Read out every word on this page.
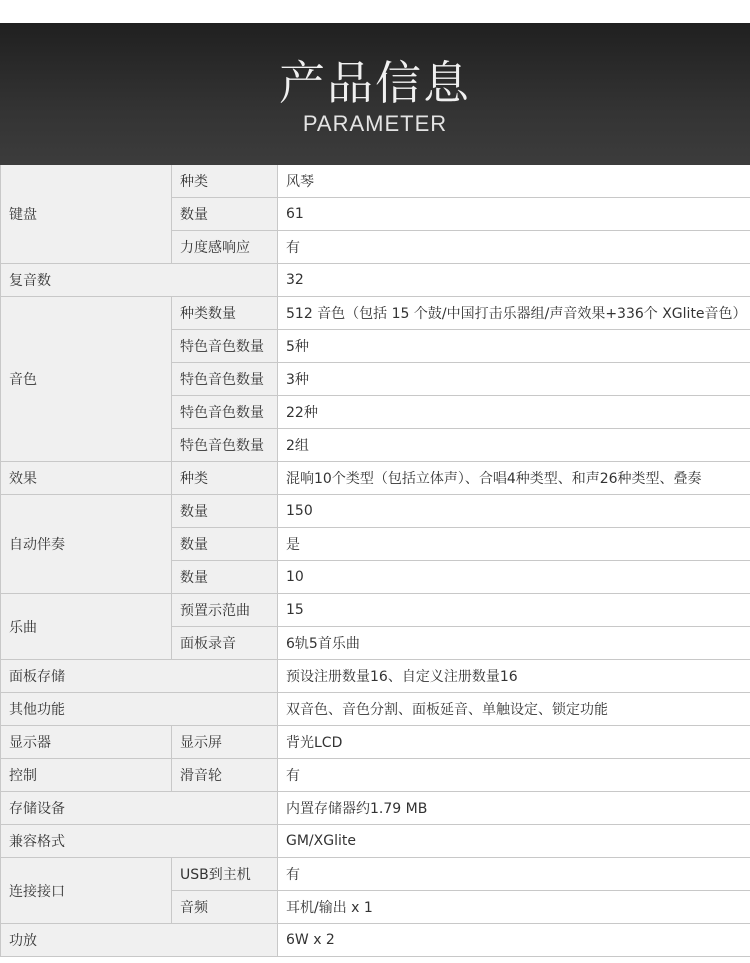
产品信息
PARAMETER
键盘	种类	风琴
	数量	61
	力度感响应	有
复音数		32
音色	种类数量	512 音色（包括 15 个鼓/中国打击乐器组/声音效果+336个 XGlite音色）
	特色音色数量	5种
	特色音色数量	3种
	特色音色数量	22种
	特色音色数量	2组
效果	种类	混响10个类型（包括立体声）、合唱4种类型、和声26种类型、叠奏
自动伴奏	数量	150
	数量	是
	数量	10
乐曲	预置示范曲	15
	面板录音	6轨5首乐曲
面板存储		预设注册数量16、自定义注册数量16
其他功能		双音色、音色分割、面板延音、单触设定、锁定功能
显示器	显示屏	背光LCD
控制	滑音轮	有
存储设备		内置存储器约1.79 MB
兼容格式		GM/XGlite
连接接口	USB到主机	有
	音频	耳机/输出 x 1
功放		6W x 2
